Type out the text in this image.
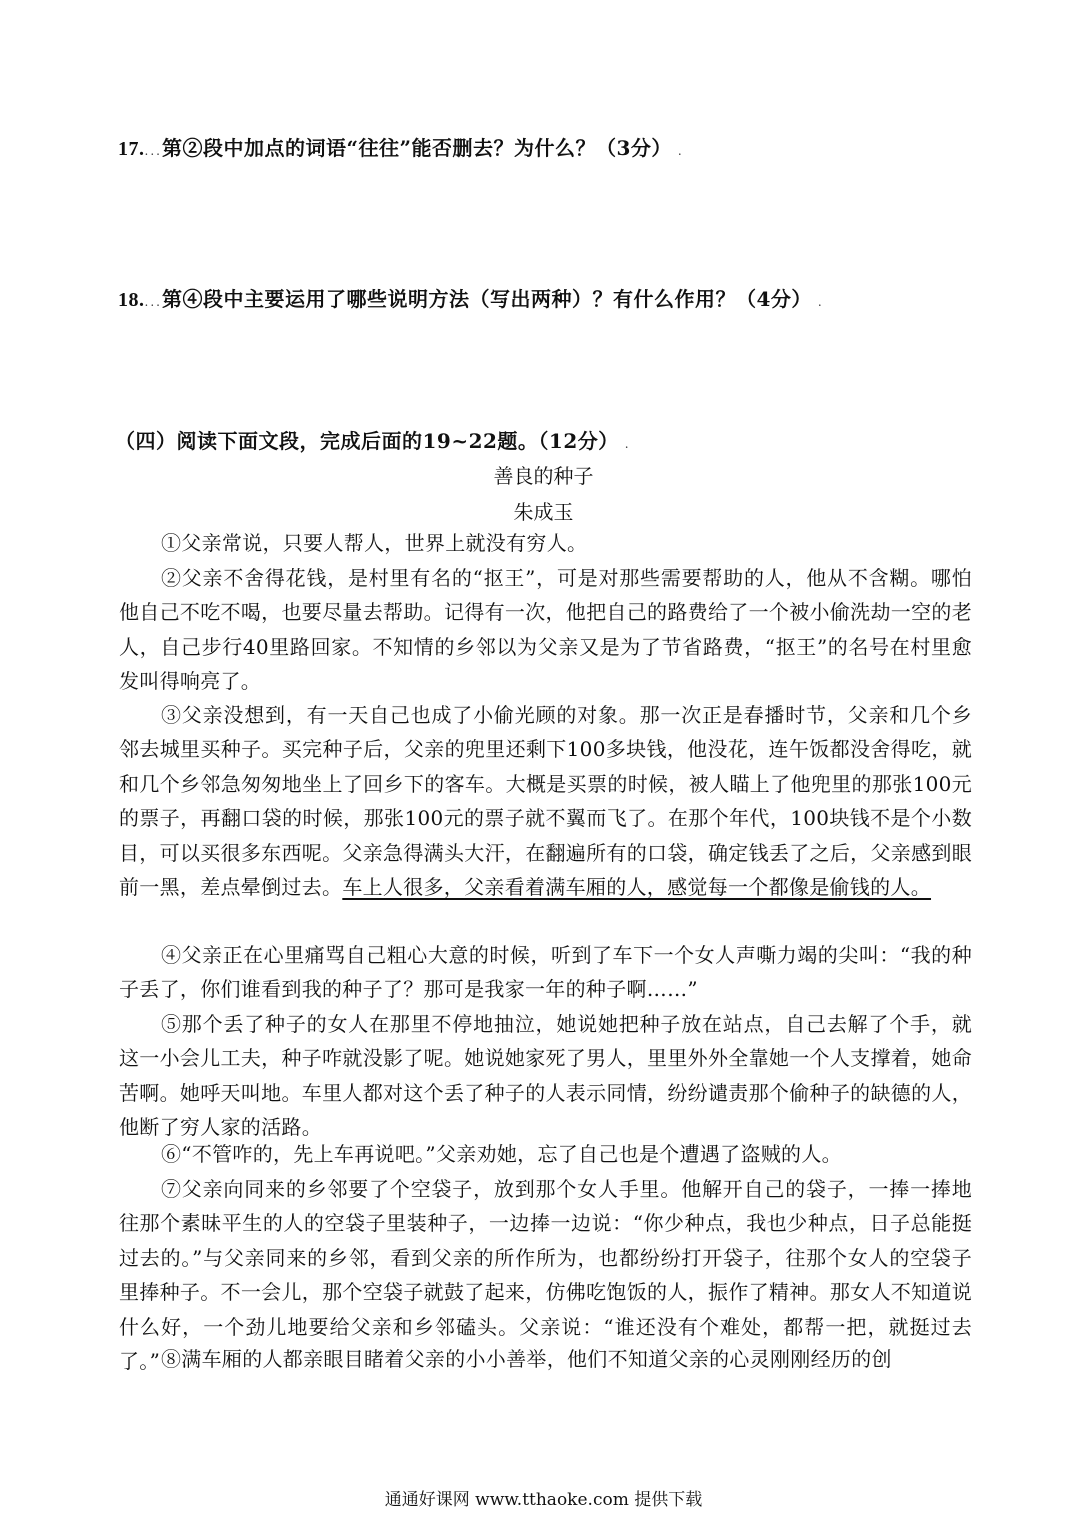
17....第②段中加点的词语“往往”能否删去？为什么？（3分） .
18....第④段中主要运用了哪些说明方法（写出两种）？有什么作用？（4分） .
（四）阅读下面文段，完成后面的19~22题。（12分） .
善良的种子
朱成玉

①父亲常说，只要人帮人，世界上就没有穷人。

②父亲不舍得花钱，是村里有名的“抠王”，可是对那些需要帮助的人，他从不含糊。哪怕他自己不吃不喝，也要尽量去帮助。记得有一次，他把自己的路费给了一个被小偷洗劫一空的老人，自己步行40里路回家。不知情的乡邻以为父亲又是为了节省路费，“抠王”的名号在村里愈发叫得响亮了。

③父亲没想到，有一天自己也成了小偷光顾的对象。那一次正是春播时节，父亲和几个乡邻去城里买种子。买完种子后，父亲的兜里还剩下100多块钱，他没花，连午饭都没舍得吃，就和几个乡邻急匆匆地坐上了回乡下的客车。大概是买票的时候，被人瞄上了他兜里的那张100元的票子，再翻口袋的时候，那张100元的票子就不翼而飞了。在那个年代，100块钱不是个小数目，可以买很多东西呢。父亲急得满头大汗，在翻遍所有的口袋，确定钱丢了之后，父亲感到眼前一黑，差点晕倒过去。车上人很多，父亲看着满车厢的人，感觉每一个都像是偷钱的人。

④父亲正在心里痛骂自己粗心大意的时候，听到了车下一个女人声嘶力竭的尖叫：“我的种子丢了，你们谁看到我的种子了？那可是我家一年的种子啊……”

⑤那个丢了种子的女人在那里不停地抽泣，她说她把种子放在站点，自己去解了个手，就这一小会儿工夫，种子咋就没影了呢。她说她家死了男人，里里外外全靠她一个人支撑着，她命苦啊。她呼天叫地。车里人都对这个丢了种子的人表示同情，纷纷谴责那个偷种子的缺德的人，他断了穷人家的活路。

⑥“不管咋的，先上车再说吧。”父亲劝她，忘了自己也是个遭遇了盗贼的人。

⑦父亲向同来的乡邻要了个空袋子，放到那个女人手里。他解开自己的袋子，一捧一捧地往那个素昧平生的人的空袋子里装种子，一边捧一边说：“你少种点，我也少种点，日子总能挺过去的。”与父亲同来的乡邻，看到父亲的所作所为，也都纷纷打开袋子，往那个女人的空袋子里捧种子。不一会儿，那个空袋子就鼓了起来，仿佛吃饱饭的人，振作了精神。那女人不知道说什么好，一个劲儿地要给父亲和乡邻磕头。父亲说：“谁还没有个难处，都帮一把，就挺过去了。” ⑧满车厢的人都亲眼目睹着父亲的小小善举，他们不知道父亲的心灵刚刚经历的创

通通好课网 www.tthaoke.com 提供下载
